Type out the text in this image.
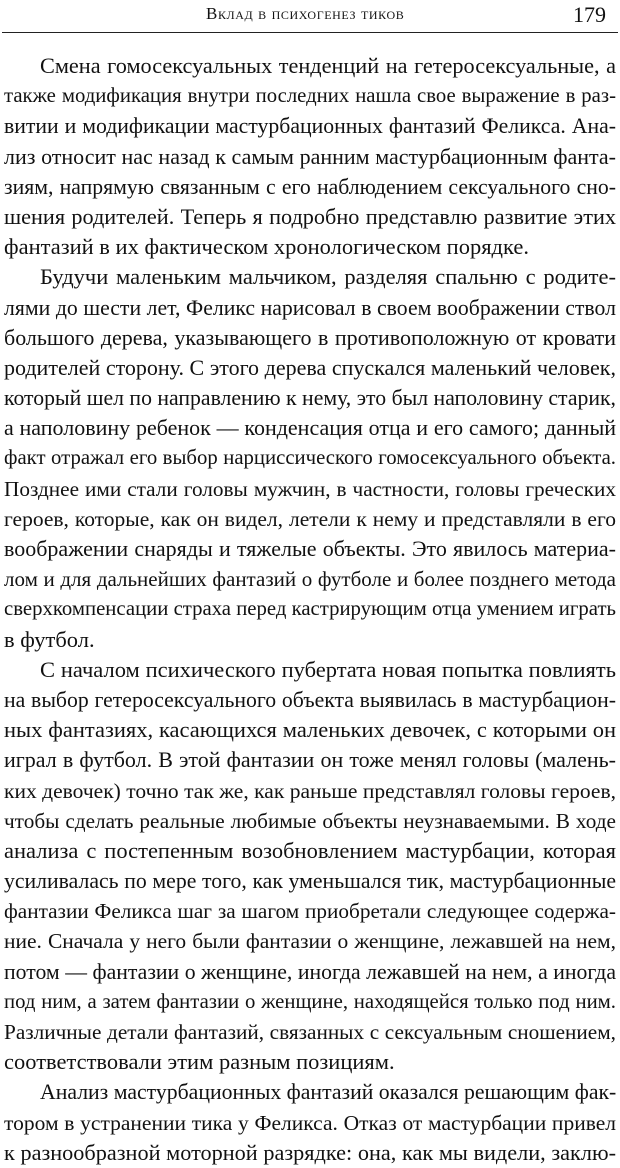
Вклад в психогенез тиков	179
Смена гомосексуальных тенденций на гетеросексуальные, а
также модификация внутри последних нашла свое выражение в раз-
витии и модификации мастурбационных фантазий Феликса. Ана-
лиз относит нас назад к самым ранним мастурбационным фанта-
зиям, напрямую связанным с его наблюдением сексуального сно-
шения родителей. Теперь я подробно представлю развитие этих
фантазий в их фактическом хронологическом порядке.
Будучи маленьким мальчиком, разделяя спальню с родите-
лями до шести лет, Феликс нарисовал в своем воображении ствол
большого дерева, указывающего в противоположную от кровати
родителей сторону. С этого дерева спускался маленький человек,
который шел по направлению к нему, это был наполовину старик,
а наполовину ребенок — конденсация отца и его самого; данный
факт отражал его выбор нарциссического гомосексуального объекта.
Позднее ими стали головы мужчин, в частности, головы греческих
героев, которые, как он видел, летели к нему и представляли в его
воображении снаряды и тяжелые объекты. Это явилось материа-
лом и для дальнейших фантазий о футболе и более позднего метода
сверхкомпенсации страха перед кастрирующим отца умением играть
в футбол.
С началом психического пубертата новая попытка повлиять
на выбор гетеросексуального объекта выявилась в мастурбацион-
ных фантазиях, касающихся маленьких девочек, с которыми он
играл в футбол. В этой фантазии он тоже менял головы (малень-
ких девочек) точно так же, как раньше представлял головы героев,
чтобы сделать реальные любимые объекты неузнаваемыми. В ходе
анализа с постепенным возобновлением мастурбации, которая
усиливалась по мере того, как уменьшался тик, мастурбационные
фантазии Феликса шаг за шагом приобретали следующее содержа-
ние. Сначала у него были фантазии о женщине, лежавшей на нем,
потом — фантазии о женщине, иногда лежавшей на нем, а иногда
под ним, а затем фантазии о женщине, находящейся только под ним.
Различные детали фантазий, связанных с сексуальным сношением,
соответствовали этим разным позициям.
Анализ мастурбационных фантазий оказался решающим фак-
тором в устранении тика у Феликса. Отказ от мастурбации привел
к разнообразной моторной разрядке: она, как мы видели, заклю-
